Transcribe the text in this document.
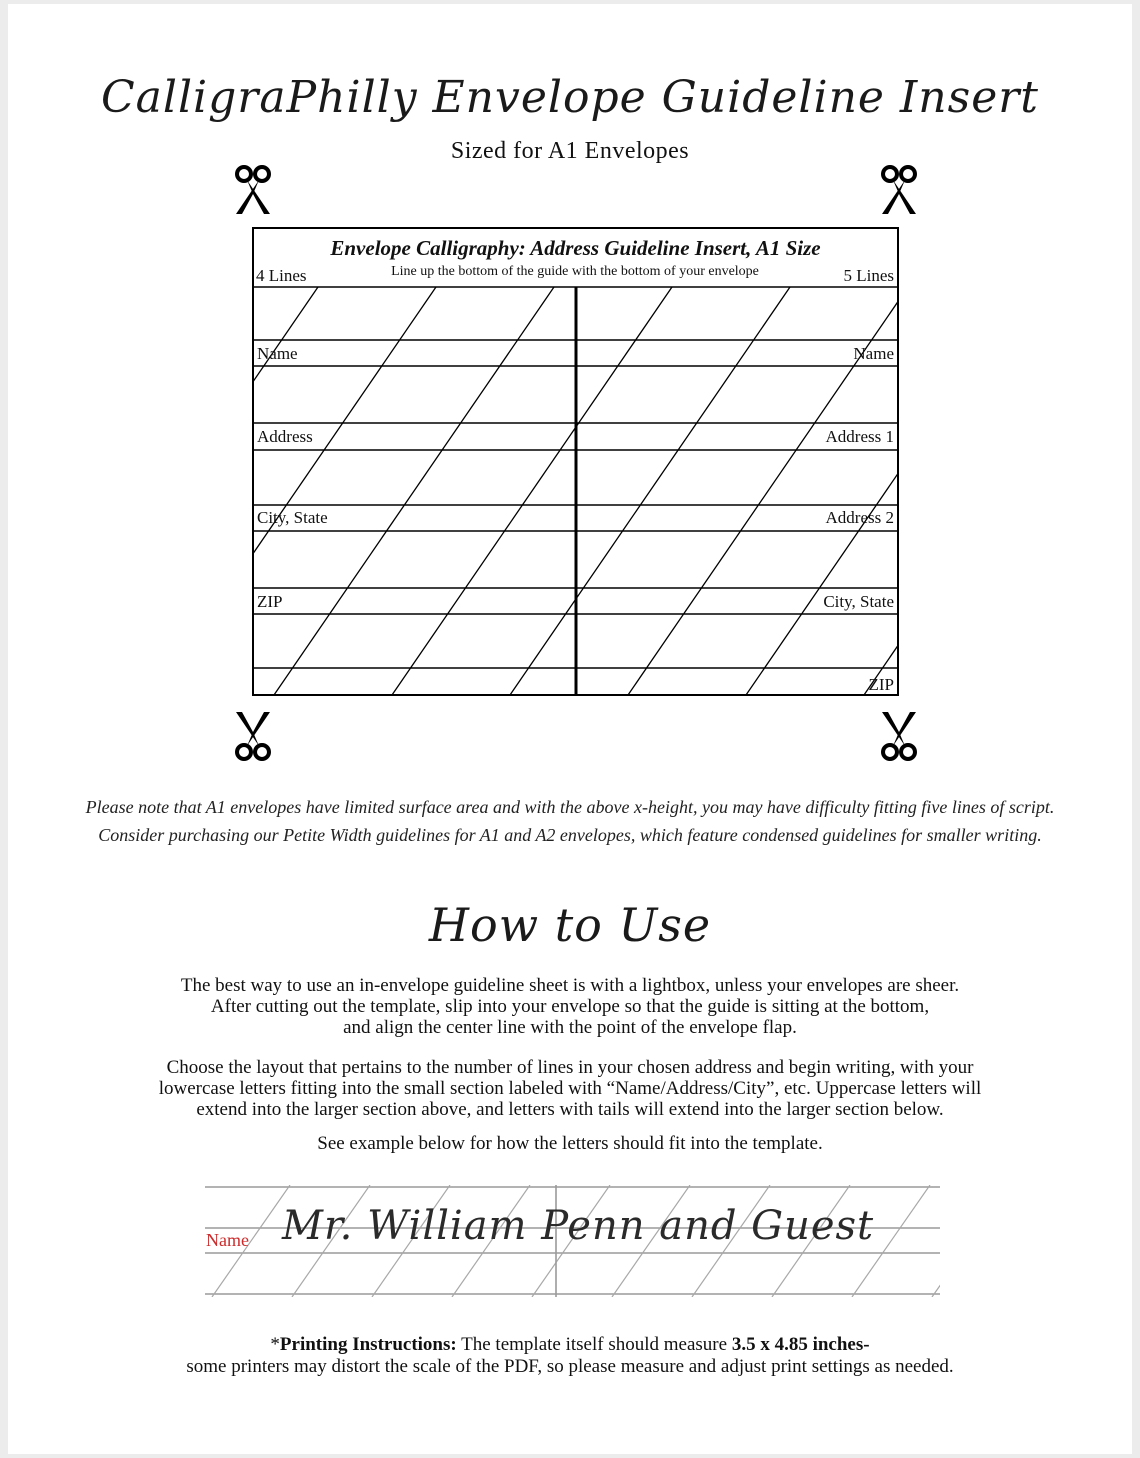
CalligraPhilly Envelope Guideline Insert
Sized for A1 Envelopes
Envelope Calligraphy: Address Guideline Insert, A1 Size
Line up the bottom of the guide with the bottom of your envelope
4 Lines	5 Lines
Name
Address
City, State
ZIP
Name
Address 1
Address 2
City, State
ZIP
Please note that A1 envelopes have limited surface area and with the above x-height, you may have difficulty fitting five lines of script.
Consider purchasing our Petite Width guidelines for A1 and A2 envelopes, which feature condensed guidelines for smaller writing.
How to Use
The best way to use an in-envelope guideline sheet is with a lightbox, unless your envelopes are sheer.
After cutting out the template, slip into your envelope so that the guide is sitting at the bottom,
and align the center line with the point of the envelope flap.
Choose the layout that pertains to the number of lines in your chosen address and begin writing, with your
lowercase letters fitting into the small section labeled with “Name/Address/City”, etc. Uppercase letters will
extend into the larger section above, and letters with tails will extend into the larger section below.
See example below for how the letters should fit into the template.
Name Mr. William Penn and Guest
*Printing Instructions: The template itself should measure 3.5 x 4.85 inches-
some printers may distort the scale of the PDF, so please measure and adjust print settings as needed.
